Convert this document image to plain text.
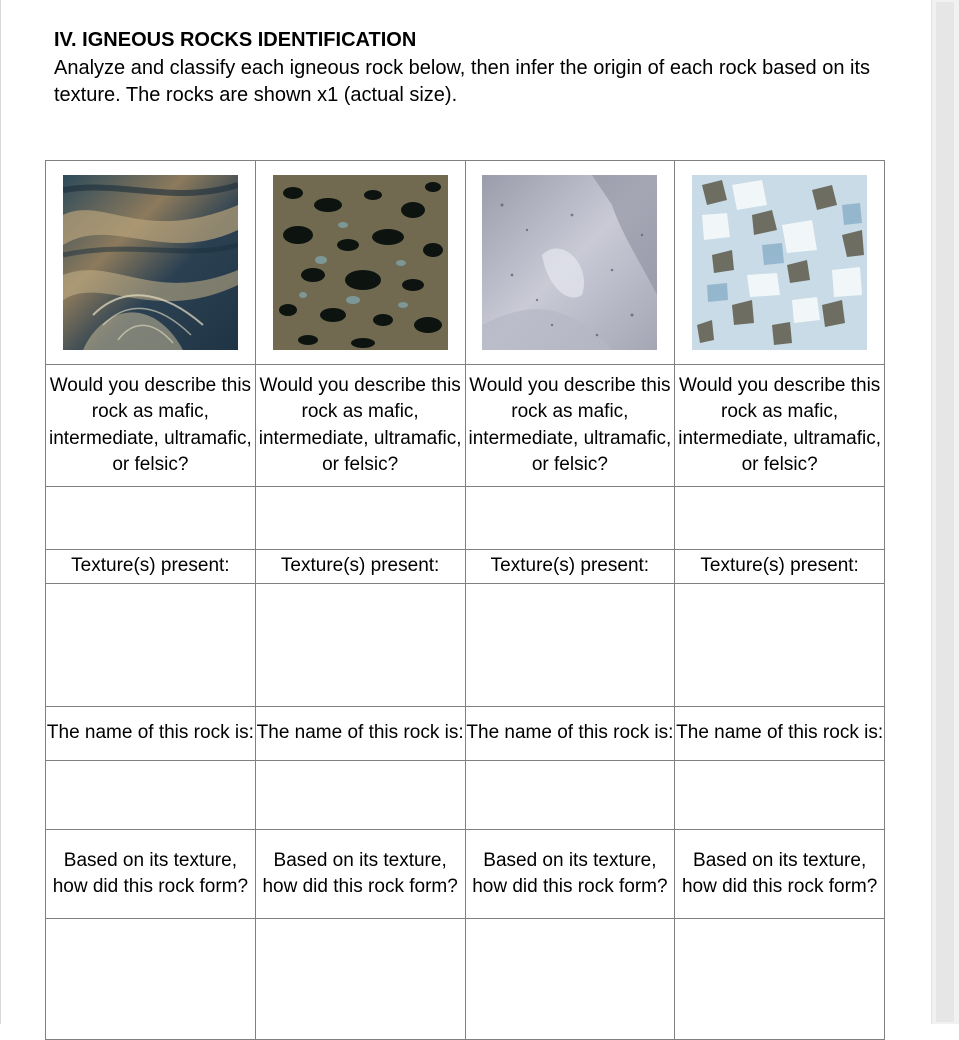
IV. IGNEOUS ROCKS IDENTIFICATION
Analyze and classify each igneous rock below, then infer the origin of each rock based on its texture. The rocks are shown x1 (actual size).

Would you describe this rock as mafic, intermediate, ultramafic, or felsic?	Would you describe this rock as mafic, intermediate, ultramafic, or felsic?	Would you describe this rock as mafic, intermediate, ultramafic, or felsic?	Would you describe this rock as mafic, intermediate, ultramafic, or felsic?

Texture(s) present:	Texture(s) present:	Texture(s) present:	Texture(s) present:

The name of this rock is:	The name of this rock is:	The name of this rock is:	The name of this rock is:

Based on its texture, how did this rock form?	Based on its texture, how did this rock form?	Based on its texture, how did this rock form?	Based on its texture, how did this rock form?
